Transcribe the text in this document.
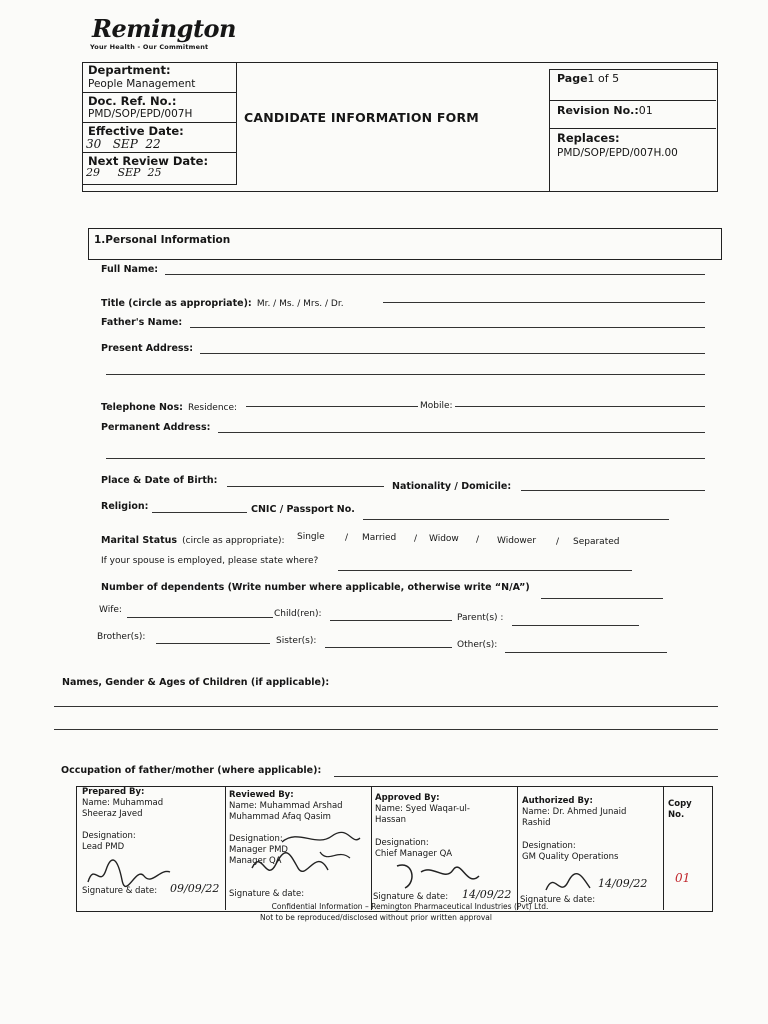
Remington
Your Health - Our Commitment
Department:
People Management
Doc. Ref. No.:
PMD/SOP/EPD/007H
Effective Date:
30   SEP  22
Next Review Date:
29     SEP  25
CANDIDATE INFORMATION FORM
Page1 of 5
Revision No.:01
Replaces:
PMD/SOP/EPD/007H.00
1.Personal Information
Full Name:
Title (circle as appropriate): Mr. / Ms. / Mrs. / Dr.
Father's Name:
Present Address:
Telephone Nos: Residence:	Mobile:
Permanent Address:
Place & Date of Birth:
Nationality / Domicile:
Religion:	CNIC / Passport No.
Marital Status (circle as appropriate): Single / Married / Widow / Widower / Separated
If your spouse is employed, please state where?
Number of dependents (Write number where applicable, otherwise write “N/A”)
Wife:	Child(ren):	Parent(s) :
Brother(s):	Sister(s):	Other(s):
Names, Gender & Ages of Children (if applicable):
Occupation of father/mother (where applicable):
Prepared By:
Name: Muhammad
Sheeraz Javed
Designation:
Lead PMD
Signature & date: 09/09/22
Reviewed By:
Name: Muhammad Arshad
Muhammad Afaq Qasim
Designation:
Manager PMD
Manager QA
Signature & date:
Approved By:
Name: Syed Waqar-ul-
Hassan
Designation:
Chief Manager QA
Signature & date: 14/09/22
Authorized By:
Name: Dr. Ahmed Junaid
Rashid
Designation:
GM Quality Operations
Signature & date:
14/09/22
Copy
No.
01
Confidential Information – Remington Pharmaceutical Industries (Pvt) Ltd.
Not to be reproduced/disclosed without prior written approval
